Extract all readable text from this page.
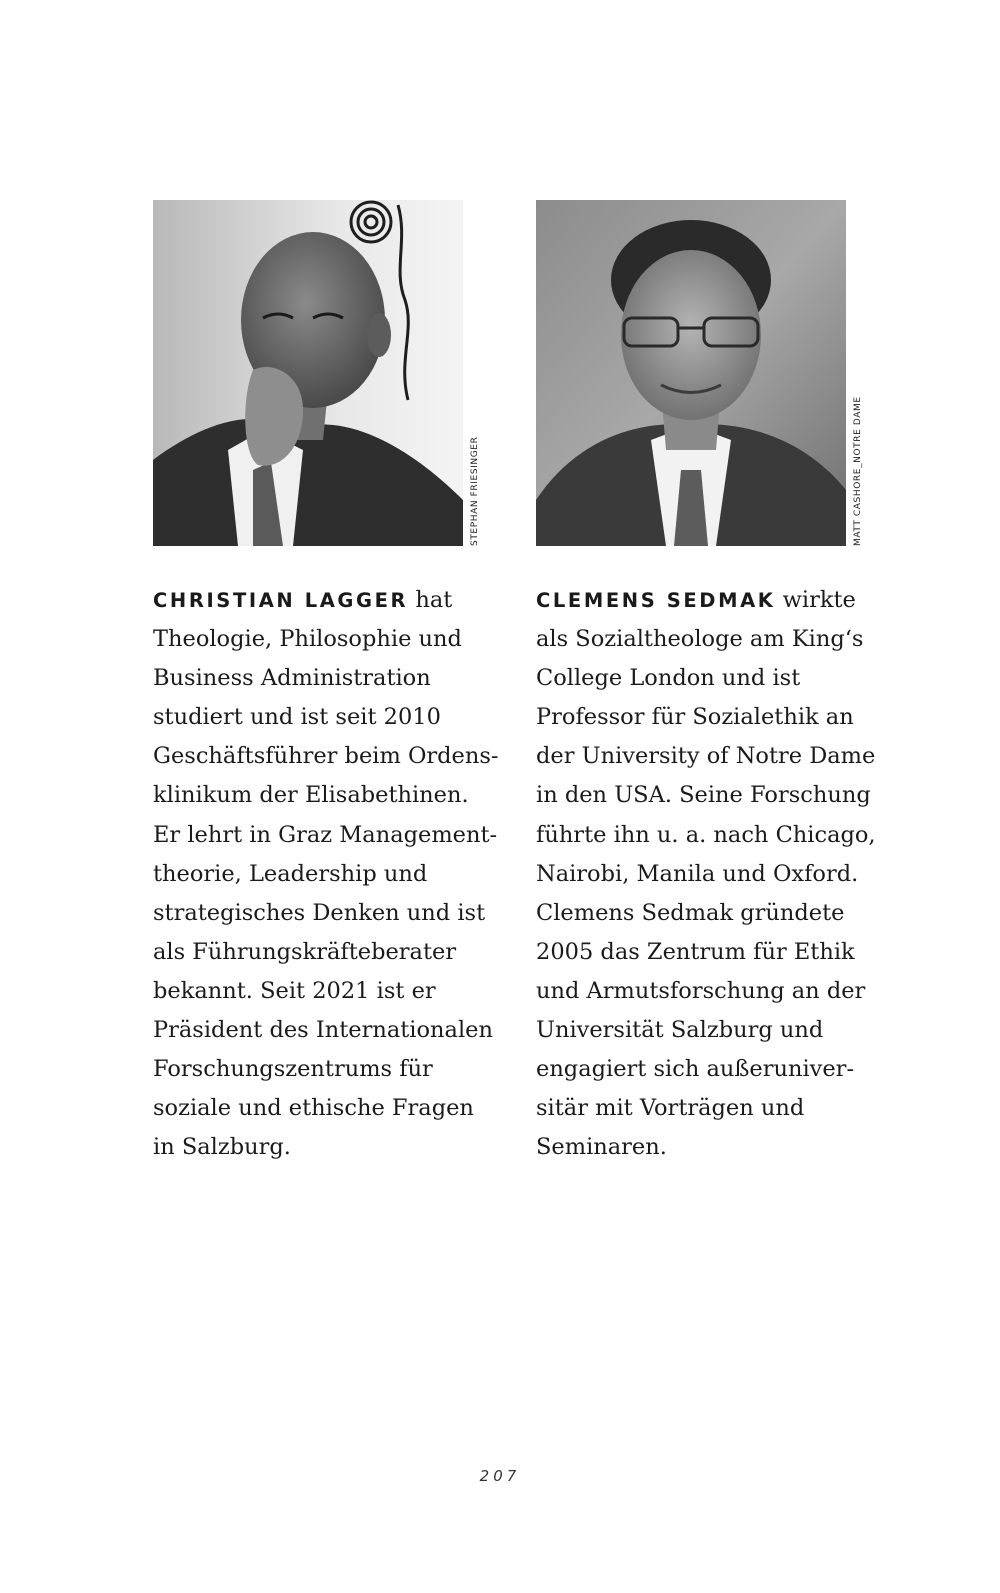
STEPHAN FRIESINGER	MATT CASHORE_NOTRE DAME
CHRISTIAN LAGGER hat
Theologie, Philosophie und
Business Administration
studiert und ist seit 2010
Geschäftsführer beim Ordens-
klinikum der Elisabethinen.
Er lehrt in Graz Management-
theorie, Leadership und
strategisches Denken und ist
als Führungskräfteberater
bekannt. Seit 2021 ist er
Präsident des Internationalen
Forschungszentrums für
soziale und ethische Fragen
in Salzburg.
CLEMENS SEDMAK wirkte
als Sozialtheologe am King‘s
College London und ist
Professor für Sozialethik an
der University of Notre Dame
in den USA. Seine Forschung
führte ihn u. a. nach Chicago,
Nairobi, Manila und Oxford.
Clemens Sedmak gründete
2005 das Zentrum für Ethik
und Armutsforschung an der
Universität Salzburg und
engagiert sich außeruniver-
sitär mit Vorträgen und
Seminaren.
207
